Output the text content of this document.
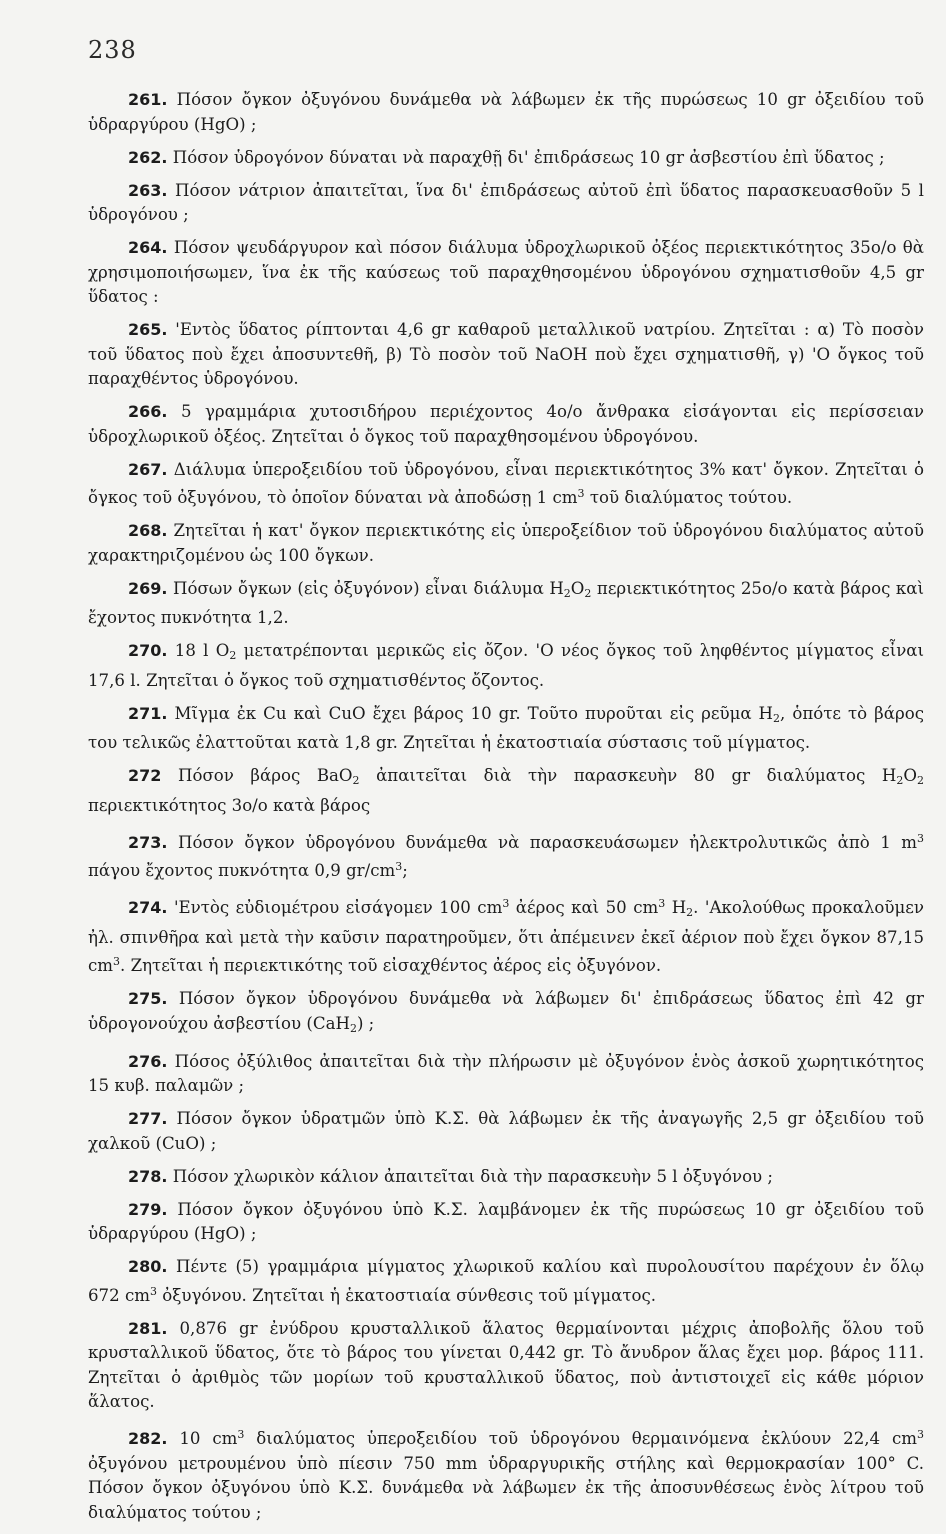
238

261. Πόσον ὄγκον ὀξυγόνου δυνάμεθα νὰ λάβωμεν ἐκ τῆς πυρώσεως 10 gr ὀξειδίου τοῦ ὑδραργύρου (HgO) ;

262. Πόσον ὑδρογόνον δύναται νὰ παραχθῇ δι' ἐπιδράσεως 10 gr ἀσβεστίου ἐπὶ ὕδατος ;

263. Πόσον νάτριον ἀπαιτεῖται, ἵνα δι' ἐπιδράσεως αὐτοῦ ἐπὶ ὕδατος παρασκευασθοῦν 5 l ὑδρογόνου ;

264. Πόσον ψευδάργυρον καὶ πόσον διάλυμα ὑδροχλωρικοῦ ὀξέος περιεκτικότητος 35ο/ο θὰ χρησιμοποιήσωμεν, ἵνα ἐκ τῆς καύσεως τοῦ παραχθησομένου ὑδρογόνου σχηματισθοῦν 4,5 gr ὕδατος :

265. 'Εντὸς ὕδατος ρίπτονται 4,6 gr καθαροῦ μεταλλικοῦ νατρίου. Ζητεῖται : α) Τὸ ποσὸν τοῦ ὕδατος ποὺ ἔχει ἀποσυντεθῆ, β) Τὸ ποσὸν τοῦ NaOH ποὺ ἔχει σχηματισθῆ, γ) 'Ο ὄγκος τοῦ παραχθέντος ὑδρογόνου.

266. 5 γραμμάρια χυτοσιδήρου περιέχοντος 4ο/ο ἄνθρακα εἰσάγονται εἰς περίσσειαν ὑδροχλωρικοῦ ὀξέος. Ζητεῖται ὁ ὄγκος τοῦ παραχθησομένου ὑδρογόνου.

267. Διάλυμα ὑπεροξειδίου τοῦ ὑδρογόνου, εἶναι περιεκτικότητος 3% κατ' ὄγκον. Ζητεῖται ὁ ὄγκος τοῦ ὀξυγόνου, τὸ ὁποῖον δύναται νὰ ἀποδώσῃ 1 $cm^3$ τοῦ διαλύματος τούτου.

268. Ζητεῖται ἡ κατ' ὄγκον περιεκτικότης εἰς ὑπεροξείδιον τοῦ ὑδρογόνου διαλύματος αὐτοῦ χαρακτηριζομένου ὡς 100 ὄγκων.

269. Πόσων ὄγκων (εἰς ὀξυγόνον) εἶναι διάλυμα $H_2O_2$ περιεκτικότητος 25ο/ο κατὰ βάρος καὶ ἔχοντος πυκνότητα 1,2.

270. 18 l $O_2$ μετατρέπονται μερικῶς εἰς ὄζον. 'Ο νέος ὄγκος τοῦ ληφθέντος μίγματος εἶναι 17,6 l. Ζητεῖται ὁ ὄγκος τοῦ σχηματισθέντος ὄζοντος.

271. Μῖγμα ἐκ Cu καὶ CuO ἔχει βάρος 10 gr. Τοῦτο πυροῦται εἰς ρεῦμα $H_2$, ὁπότε τὸ βάρος του τελικῶς ἐλαττοῦται κατὰ 1,8 gr. Ζητεῖται ἡ ἑκατοστιαία σύστασις τοῦ μίγματος.

272 Πόσον βάρος BaO$_2$ ἀπαιτεῖται διὰ τὴν παρασκευὴν 80 gr διαλύματος $H_2O_2$ περιεκτικότητος 3ο/ο κατὰ βάρος

273. Πόσον ὄγκον ὑδρογόνου δυνάμεθα νὰ παρασκευάσωμεν ἠλεκτρολυτικῶς ἀπὸ 1 $m^3$ πάγου ἔχοντος πυκνότητα 0,9 $gr/cm^3$;

274. 'Εντὸς εὐδιομέτρου εἰσάγομεν 100 $cm^3$ ἀέρος καὶ 50 $cm^3$ $H_2$. 'Ακολούθως προκαλοῦμεν ἠλ. σπινθῆρα καὶ μετὰ τὴν καῦσιν παρατηροῦμεν, ὅτι ἀπέμεινεν ἐκεῖ ἀέριον ποὺ ἔχει ὄγκον 87,15 $cm^3$. Ζητεῖται ἡ περιεκτικότης τοῦ εἰσαχθέντος ἀέρος εἰς ὀξυγόνον.

275. Πόσον ὄγκον ὑδρογόνου δυνάμεθα νὰ λάβωμεν δι' ἐπιδράσεως ὕδατος ἐπὶ 42 gr ὑδρογονούχου ἀσβεστίου (CaH$_2$) ;

276. Πόσος ὀξύλιθος ἀπαιτεῖται διὰ τὴν πλήρωσιν μὲ ὀξυγόνον ἑνὸς ἀσκοῦ χωρητικότητος 15 κυβ. παλαμῶν ;

277. Πόσον ὄγκον ὑδρατμῶν ὑπὸ Κ.Σ. θὰ λάβωμεν ἐκ τῆς ἀναγωγῆς 2,5 gr ὀξειδίου τοῦ χαλκοῦ (CuO) ;

278. Πόσον χλωρικὸν κάλιον ἀπαιτεῖται διὰ τὴν παρασκευὴν 5 l ὀξυγόνου ;

279. Πόσον ὄγκον ὀξυγόνου ὑπὸ Κ.Σ. λαμβάνομεν ἐκ τῆς πυρώσεως 10 gr ὀξειδίου τοῦ ὑδραργύρου (HgO) ;

280. Πέντε (5) γραμμάρια μίγματος χλωρικοῦ καλίου καὶ πυρολουσίτου παρέχουν ἐν ὅλῳ 672 $cm^3$ ὀξυγόνου. Ζητεῖται ἡ ἑκατοστιαία σύνθεσις τοῦ μίγματος.

281. 0,876 gr ἐνύδρου κρυσταλλικοῦ ἅλατος θερμαίνονται μέχρις ἀποβολῆς ὅλου τοῦ κρυσταλλικοῦ ὕδατος, ὅτε τὸ βάρος του γίνεται 0,442 gr. Τὸ ἄνυδρον ἅλας ἔχει μορ. βάρος 111. Ζητεῖται ὁ ἀριθμὸς τῶν μορίων τοῦ κρυσταλλικοῦ ὕδατος, ποὺ ἀντιστοιχεῖ εἰς κάθε μόριον ἅλατος.

282. 10 $cm^3$ διαλύματος ὑπεροξειδίου τοῦ ὑδρογόνου θερμαινόμενα ἐκλύουν 22,4 $cm^3$ ὀξυγόνου μετρουμένου ὑπὸ πίεσιν 750 mm ὑδραργυρικῆς στήλης καὶ θερμοκρασίαν 100° C. Πόσον ὄγκον ὀξυγόνου ὑπὸ Κ.Σ. δυνάμεθα νὰ λάβωμεν ἐκ τῆς ἀποσυνθέσεως ἑνὸς λίτρου τοῦ διαλύματος τούτου ;
